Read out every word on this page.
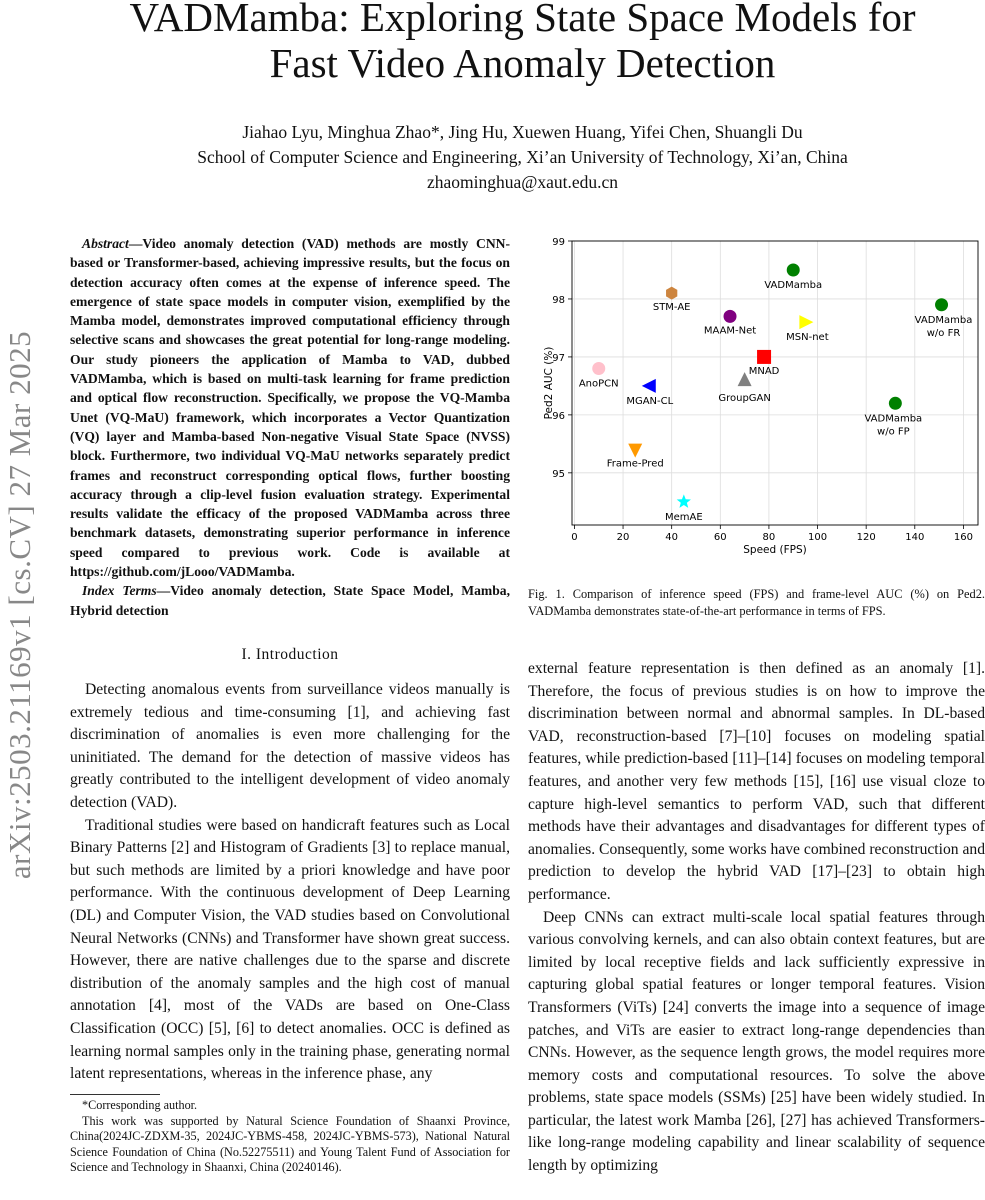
arXiv:2503.21169v1 [cs.CV] 27 Mar 2025
VADMamba: Exploring State Space Models for
Fast Video Anomaly Detection
Jiahao Lyu, Minghua Zhao*, Jing Hu, Xuewen Huang, Yifei Chen, Shuangli Du
School of Computer Science and Engineering, Xi’an University of Technology, Xi’an, China
zhaominghua@xaut.edu.cn

Abstract—Video anomaly detection (VAD) methods are mostly CNN-based or Transformer-based, achieving impressive results, but the focus on detection accuracy often comes at the expense of inference speed. The emergence of state space models in computer vision, exemplified by the Mamba model, demonstrates improved computational efficiency through selective scans and showcases the great potential for long-range modeling. Our study pioneers the application of Mamba to VAD, dubbed VADMamba, which is based on multi-task learning for frame prediction and optical flow reconstruction. Specifically, we propose the VQ-Mamba Unet (VQ-MaU) framework, which incorporates a Vector Quantization (VQ) layer and Mamba-based Non-negative Visual State Space (NVSS) block. Furthermore, two individual VQ-MaU networks separately predict frames and reconstruct corresponding optical flows, further boosting accuracy through a clip-level fusion evaluation strategy. Experimental results validate the efficacy of the proposed VADMamba across three benchmark datasets, demonstrating superior performance in inference speed compared to previous work. Code is available at https://github.com/jLooo/VADMamba.

Index Terms—Video anomaly detection, State Space Model, Mamba, Hybrid detection

I. Introduction

Detecting anomalous events from surveillance videos manually is extremely tedious and time-consuming [1], and achieving fast discrimination of anomalies is even more challenging for the uninitiated. The demand for the detection of massive videos has greatly contributed to the intelligent development of video anomaly detection (VAD).

Traditional studies were based on handicraft features such as Local Binary Patterns [2] and Histogram of Gradients [3] to replace manual, but such methods are limited by a priori knowledge and have poor performance. With the continuous development of Deep Learning (DL) and Computer Vision, the VAD studies based on Convolutional Neural Networks (CNNs) and Transformer have shown great success. However, there are native challenges due to the sparse and discrete distribution of the anomaly samples and the high cost of manual annotation [4], most of the VADs are based on One-Class Classification (OCC) [5], [6] to detect anomalies. OCC is defined as learning normal samples only in the training phase, generating normal latent representations, whereas in the inference phase, any

external feature representation is then defined as an anomaly [1]. Therefore, the focus of previous studies is on how to improve the discrimination between normal and abnormal samples. In DL-based VAD, reconstruction-based [7]–[10] focuses on modeling spatial features, while prediction-based [11]–[14] focuses on modeling temporal features, and another very few methods [15], [16] use visual cloze to capture high-level semantics to perform VAD, such that different methods have their advantages and disadvantages for different types of anomalies. Consequently, some works have combined reconstruction and prediction to develop the hybrid VAD [17]–[23] to obtain high performance.

Deep CNNs can extract multi-scale local spatial features through various convolving kernels, and can also obtain context features, but are limited by local receptive fields and lack sufficiently expressive in capturing global spatial features or longer temporal features. Vision Transformers (ViTs) [24] converts the image into a sequence of image patches, and ViTs are easier to extract long-range dependencies than CNNs. However, as the sequence length grows, the model requires more memory costs and computational resources. To solve the above problems, state space models (SSMs) [25] have been widely studied. In particular, the latest work Mamba [26], [27] has achieved Transformers-like long-range modeling capability and linear scalability of sequence length by optimizing

*Corresponding author.

This work was supported by Natural Science Foundation of Shaanxi Province, China(2024JC-ZDXM-35, 2024JC-YBMS-458, 2024JC-YBMS-573), National Natural Science Foundation of China (No.52275511) and Young Talent Fund of Association for Science and Technology in Shaanxi, China (20240146).

0	20	40	60	80	100	120	140	160
95
96
97
98
99
Speed (FPS)
Ped2 AUC (%)
STM-AE
VADMamba
VADMamba w/o FR
MAAM-Net
MSN-net
MNAD
AnoPCN
MGAN-CL	GroupGAN
VADMamba w/o FP
Frame-Pred
MemAE
Fig. 1. Comparison of inference speed (FPS) and frame-level AUC (%) on Ped2. VADMamba demonstrates state-of-the-art performance in terms of FPS.
